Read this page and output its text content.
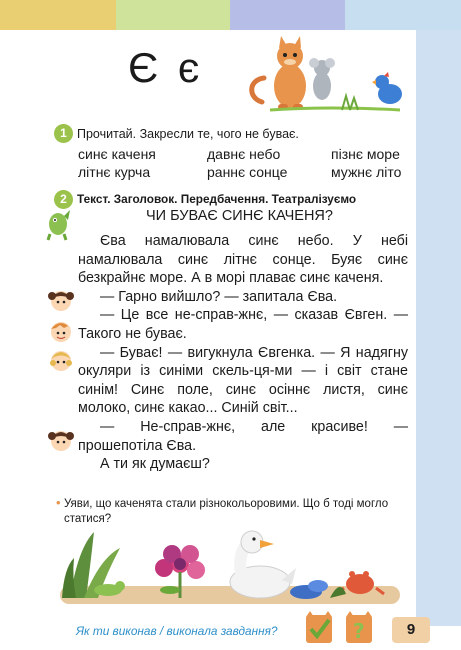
Є є
1 Прочитай. Закресли те, чого не буває.
синє каченя	давнє небо	пізнє море
літнє курча	раннє сонце	мужнє літо
2 Текст. Заголовок. Передбачення. Театралізуємо
ЧИ БУВАЄ СИНЄ КАЧЕНЯ?

Єва намалювала синє небо. У небі намалювала синє літнє сонце. Буяє синє безкрайнє море. А в морі плаває синє каченя.

— Гарно вийшло? — запитала Єва.

— Це все не-справ-жнє, — сказав Євген. — Такого не буває.

— Буває! — вигукнула Євгенка. — Я надягну окуляри із синіми скель-ця-ми — і світ стане синім! Синє поле, синє осіннє листя, синє молоко, синє какао... Синій світ...

— Не-справ-жнє, але красиве! — прошепотіла Єва.

А ти як думаєш?

• Уяви, що каченята стали різнокольоровими. Що б тоді могло статися?
Як ти виконав / виконала завдання?	?	9
